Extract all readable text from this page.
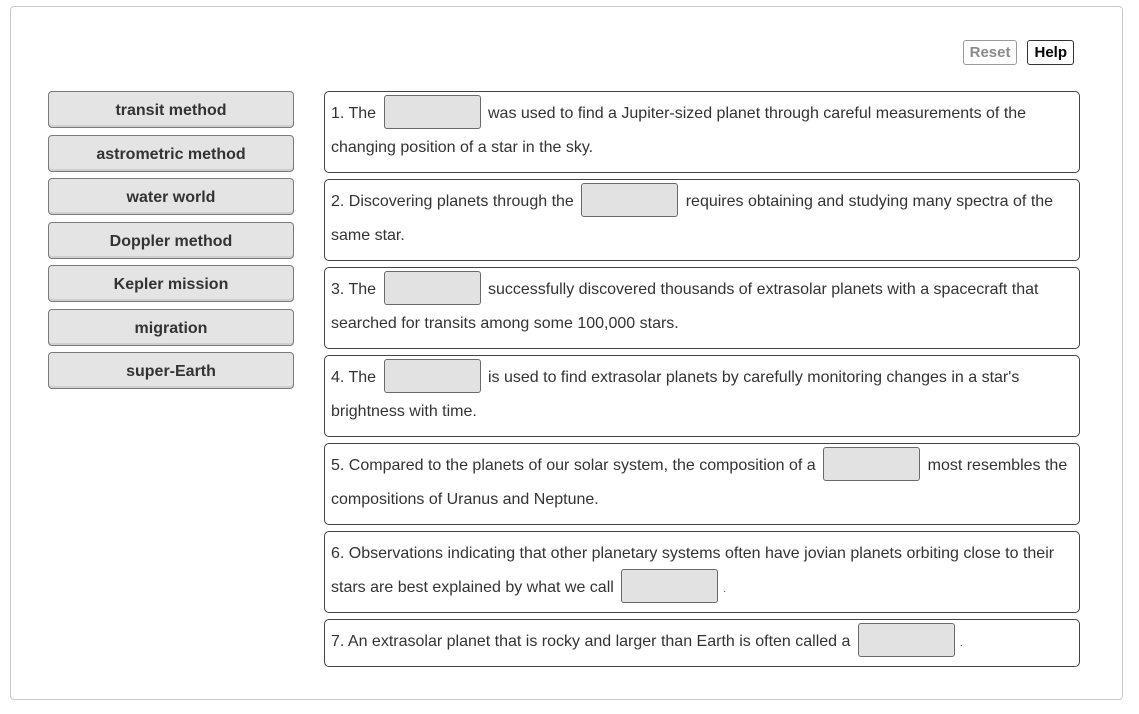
Reset	Help
transit method
astrometric method
water world
Doppler method
Kepler mission
migration
super-Earth
1. The	was used to find a Jupiter-sized planet through careful measurements of the changing position of a star in the sky.
2. Discovering planets through the	requires obtaining and studying many spectra of the same star.
3. The	successfully discovered thousands of extrasolar planets with a spacecraft that searched for transits among some 100,000 stars.
4. The	is used to find extrasolar planets by carefully monitoring changes in a star's brightness with time.
5. Compared to the planets of our solar system, the composition of a	most resembles the compositions of Uranus and Neptune.
6. Observations indicating that other planetary systems often have jovian planets orbiting close to their stars are best explained by what we call	.
7. An extrasolar planet that is rocky and larger than Earth is often called a	.
